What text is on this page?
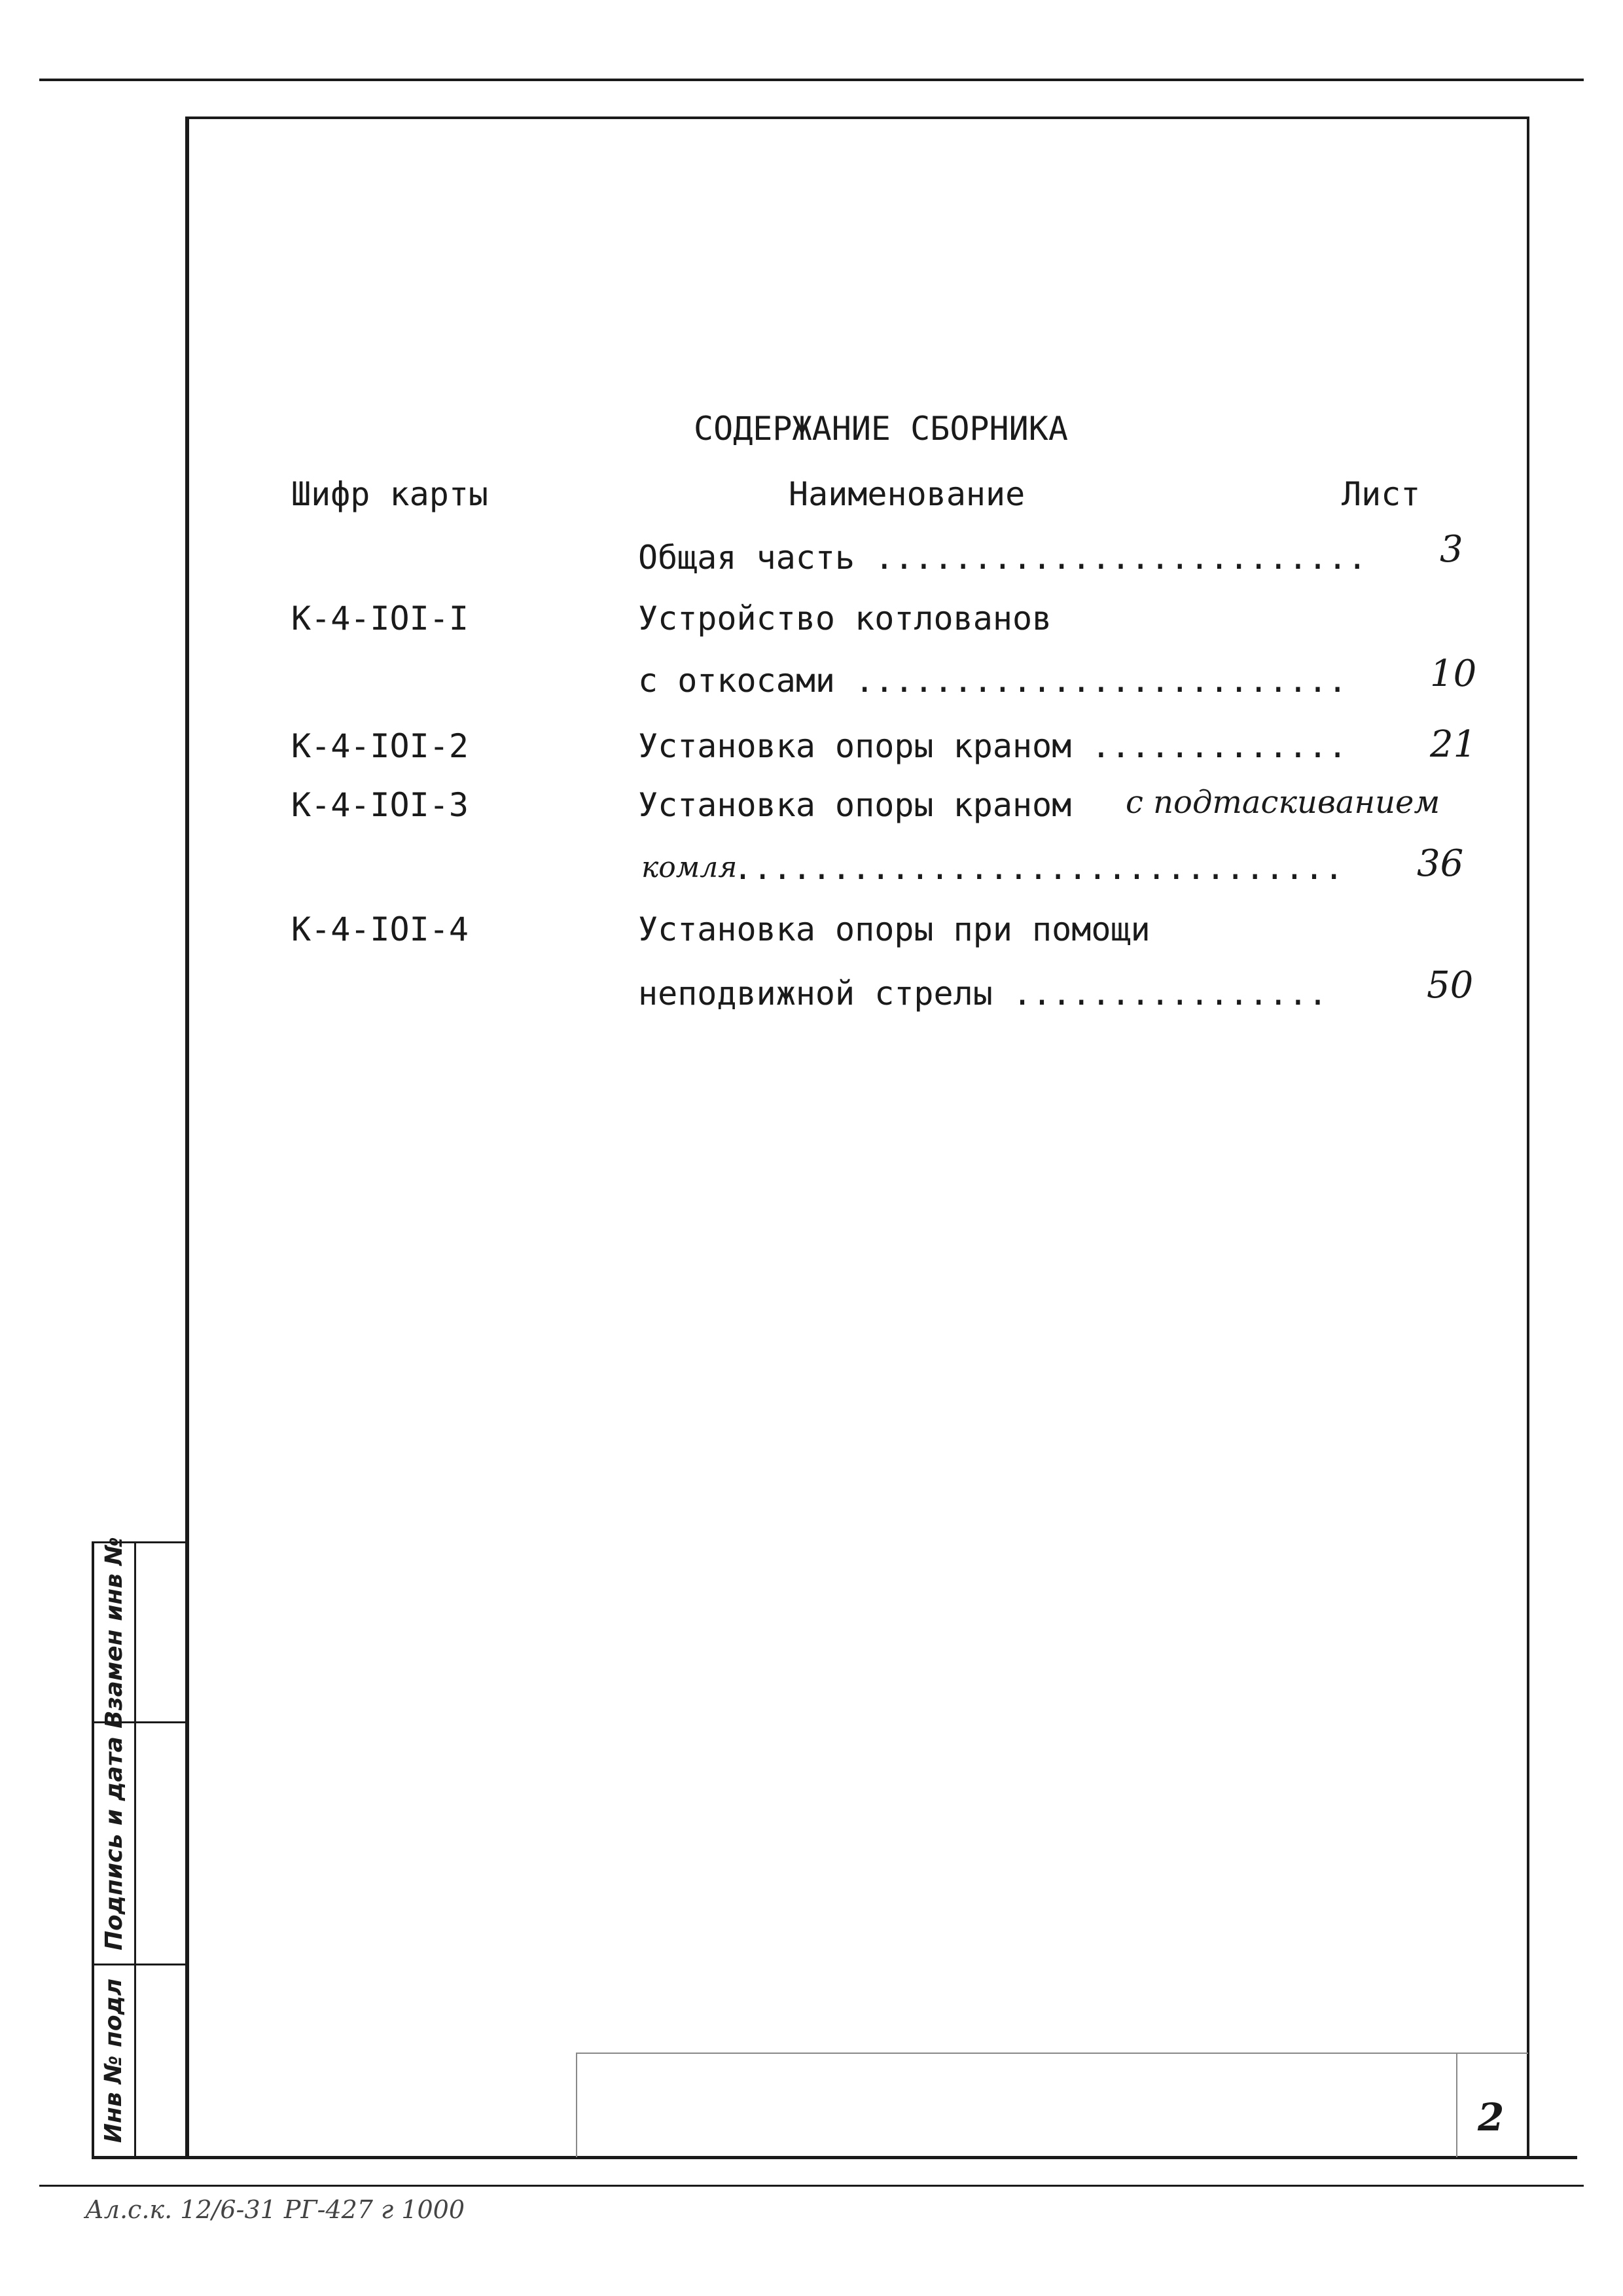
Инв № подл
Подпись и дата
Взамен инв №
СОДЕРЖАНИЕ СБОРНИКА
Шифр карты	Наименование	Лист
Общая часть ......................... 3
К-4-IOI-I	Устройство котлованов
с откосами ......................... 10
К-4-IOI-2	Установка опоры краном ............. 21
К-4-IOI-3	Установка опоры краном с подтаскиванием
комля
............................... 36
К-4-IOI-4	Установка опоры при помощи
неподвижной стрелы ................	50
2
Ал.с.к. 12/6-31 РГ-427 г 1000
